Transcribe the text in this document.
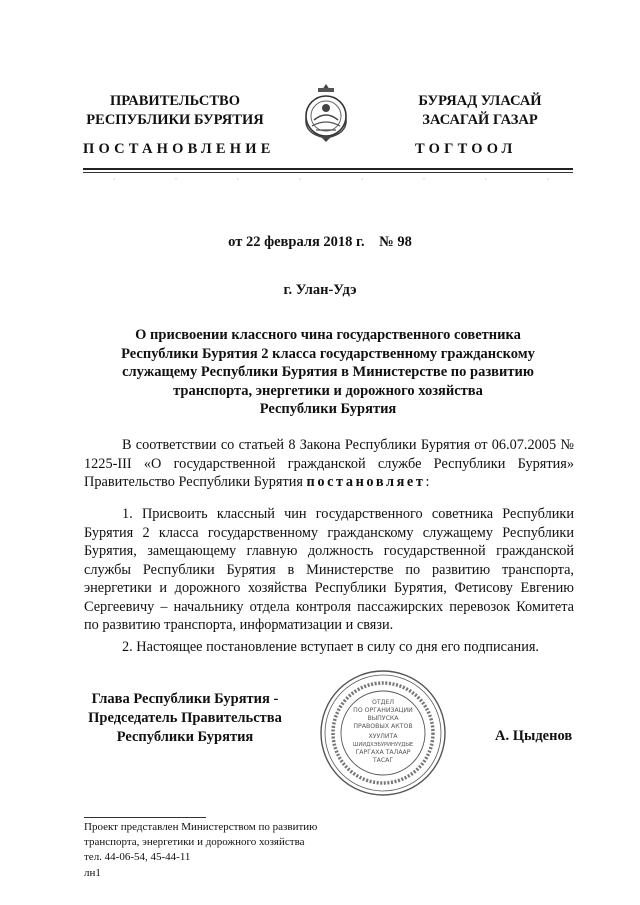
ПРАВИТЕЛЬСТВО
РЕСПУБЛИКИ БУРЯТИЯ
БУРЯАД УЛАСАЙ
ЗАСАГАЙ ГАЗАР
ПОСТАНОВЛЕНИЕ	ТОГТООЛ
от 22 февраля 2018 г. № 98
г. Улан-Удэ
О присвоении классного чина государственного советника
Республики Бурятия 2 класса государственному гражданскому
служащему Республики Бурятия в Министерстве по развитию
транспорта, энергетики и дорожного хозяйства
Республики Бурятия
В соответствии со статьей 8 Закона Республики Бурятия от 06.07.2005 № 1225-III «О государственной гражданской службе Республики Бурятия» Правительство Республики Бурятия постановляет:
1. Присвоить классный чин государственного советника Республики Бурятия 2 класса государственному гражданскому служащему Республики Бурятия, замещающему главную должность государственной гражданской службы Республики Бурятия в Министерстве по развитию транспорта, энергетики и дорожного хозяйства Республики Бурятия, Фетисову Евгению Сергеевичу – начальнику отдела контроля пассажирских перевозок Комитета по развитию транспорта, информатизации и связи.
2. Настоящее постановление вступает в силу со дня его подписания.
Глава Республики Бурятия -
Председатель Правительства
Республики Бурятия
ОТДЕЛ
ПО ОРГАНИЗАЦИИ
ВЫПУСКА
ПРАВОВЫХ АКТОВ
ХУУЛИТА
ШИИДХЭБУРИНУУДЫЕ
ГАРГАХА ТАЛААР
ТАСАГ
А. Цыденов
Проект представлен Министерством по развитию
транспорта, энергетики и дорожного хозяйства
тел. 44-06-54, 45-44-11
лн1
